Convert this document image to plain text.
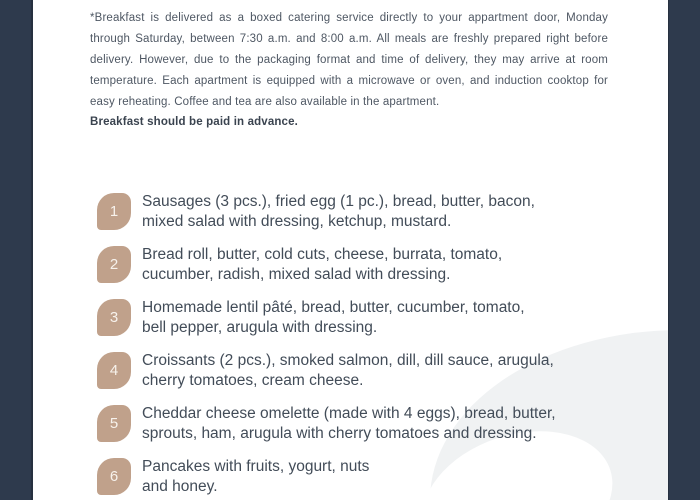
*Breakfast is delivered as a boxed catering service directly to your appartment door, Monday through Saturday, between 7:30 a.m. and 8:00 a.m. All meals are freshly prepared right before delivery. However, due to the packaging format and time of delivery, they may arrive at room temperature. Each apartment is equipped with a microwave or oven, and induction cooktop for easy reheating. Coffee and tea are also available in the apartment.

Breakfast should be paid in advance.

1
Sausages (3 pcs.), fried egg (1 pc.), bread, butter, bacon,
mixed salad with dressing, ketchup, mustard.
2
Bread roll, butter, cold cuts, cheese, burrata, tomato,
cucumber, radish, mixed salad with dressing.
3
Homemade lentil pâté, bread, butter, cucumber, tomato,
bell pepper, arugula with dressing.
4
Croissants (2 pcs.), smoked salmon, dill, dill sauce, arugula,
cherry tomatoes, cream cheese.
5
Cheddar cheese omelette (made with 4 eggs), bread, butter,
sprouts, ham, arugula with cherry tomatoes and dressing.
6
Pancakes with fruits, yogurt, nuts
and honey.
